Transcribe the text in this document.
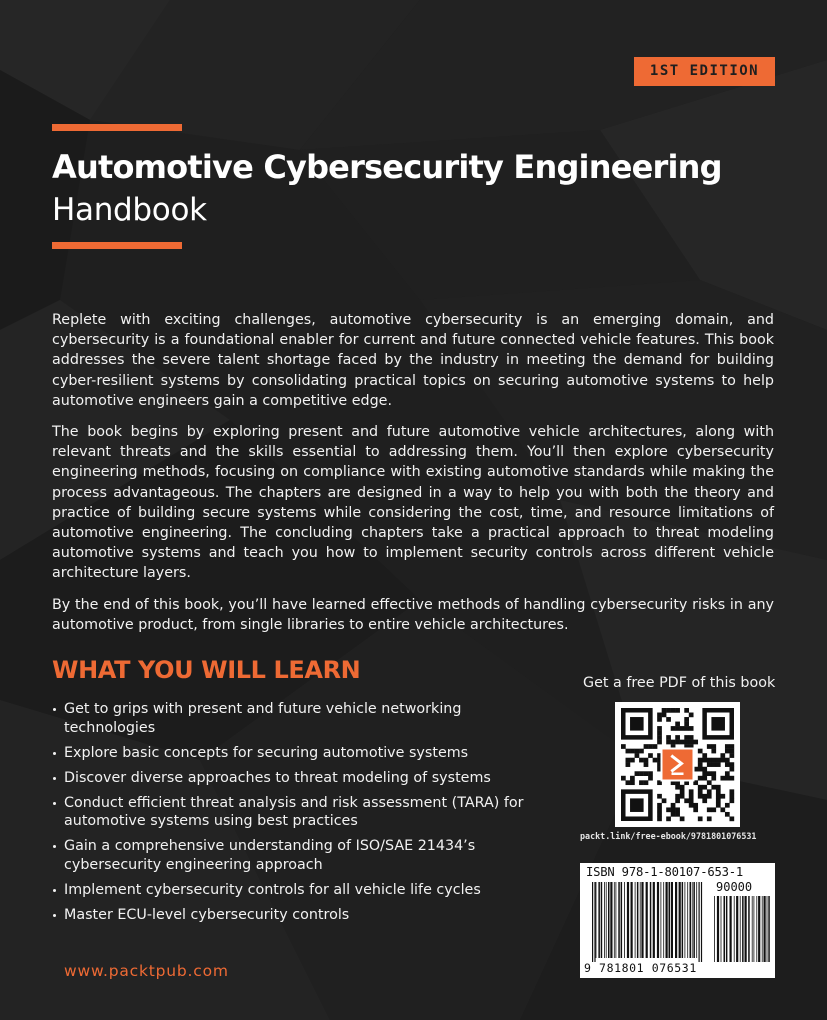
1ST EDITION
Automotive Cybersecurity Engineering
Handbook

Replete with exciting challenges, automotive cybersecurity is an emerging domain, and cybersecurity is a foundational enabler for current and future connected vehicle features. This book addresses the severe talent shortage faced by the industry in meeting the demand for building cyber-resilient systems by consolidating practical topics on securing automotive systems to help automotive engineers gain a competitive edge.

The book begins by exploring present and future automotive vehicle architectures, along with relevant threats and the skills essential to addressing them. You’ll then explore cybersecurity engineering methods, focusing on compliance with existing automotive standards while making the process advantageous. The chapters are designed in a way to help you with both the theory and practice of building secure systems while considering the cost, time, and resource limitations of automotive engineering. The concluding chapters take a practical approach to threat modeling automotive systems and teach you how to implement security controls across different vehicle architecture layers.

By the end of this book, you’ll have learned effective methods of handling cybersecurity risks in any automotive product, from single libraries to entire vehicle architectures.

WHAT YOU WILL LEARN
Get to grips with present and future vehicle networking technologies
Explore basic concepts for securing automotive systems
Discover diverse approaches to threat modeling of systems
Conduct efficient threat analysis and risk assessment (TARA) for automotive systems using best practices
Gain a comprehensive understanding of ISO/SAE 21434’s cybersecurity engineering approach
Implement cybersecurity controls for all vehicle life cycles
Master ECU-level cybersecurity controls
Get a free PDF of this book
packt.link/free-ebook/9781801076531
ISBN 978-1-80107-653-1
90000
9 781801 076531
www.packtpub.com
